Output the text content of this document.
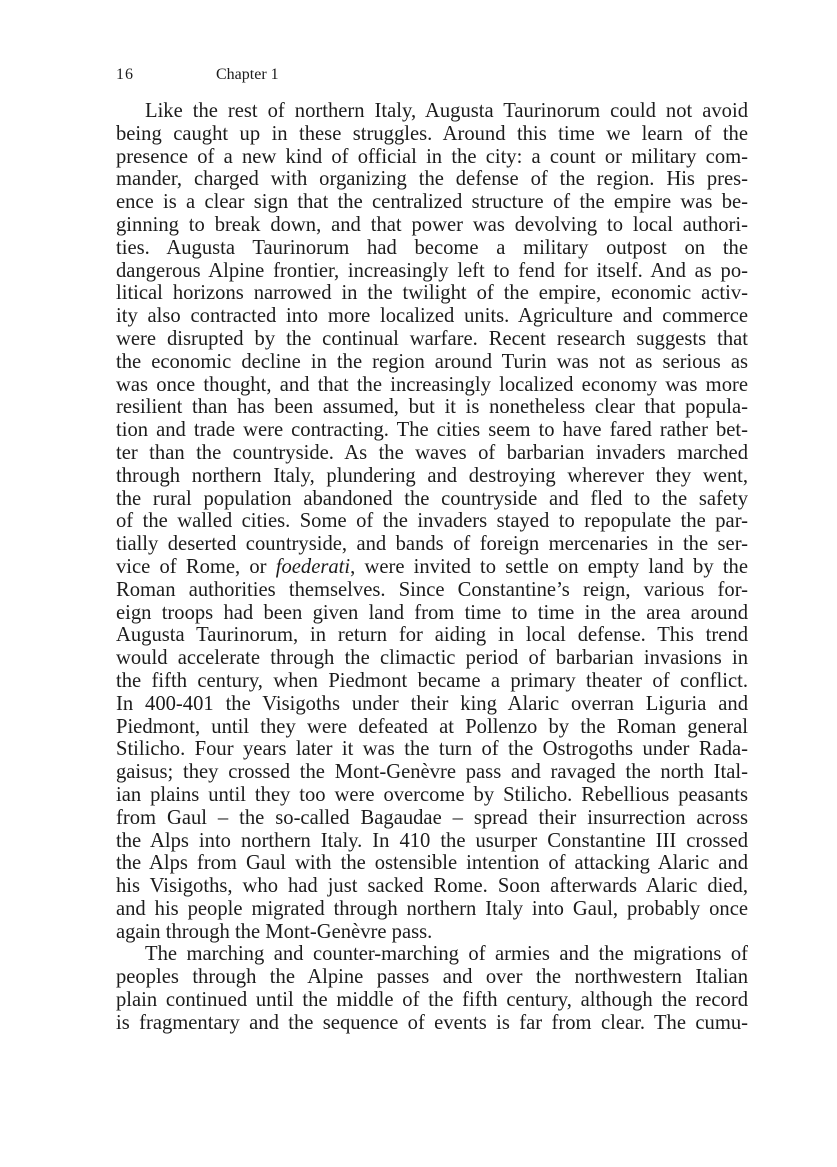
16	Chapter 1
Like the rest of northern Italy, Augusta Taurinorum could not avoid
being caught up in these struggles. Around this time we learn of the
presence of a new kind of official in the city: a count or military com-
mander, charged with organizing the defense of the region. His pres-
ence is a clear sign that the centralized structure of the empire was be-
ginning to break down, and that power was devolving to local authori-
ties. Augusta Taurinorum had become a military outpost on the
dangerous Alpine frontier, increasingly left to fend for itself. And as po-
litical horizons narrowed in the twilight of the empire, economic activ-
ity also contracted into more localized units. Agriculture and commerce
were disrupted by the continual warfare. Recent research suggests that
the economic decline in the region around Turin was not as serious as
was once thought, and that the increasingly localized economy was more
resilient than has been assumed, but it is nonetheless clear that popula-
tion and trade were contracting. The cities seem to have fared rather bet-
ter than the countryside. As the waves of barbarian invaders marched
through northern Italy, plundering and destroying wherever they went,
the rural population abandoned the countryside and fled to the safety
of the walled cities. Some of the invaders stayed to repopulate the par-
tially deserted countryside, and bands of foreign mercenaries in the ser-
vice of Rome, or foederati, were invited to settle on empty land by the
Roman authorities themselves. Since Constantine’s reign, various for-
eign troops had been given land from time to time in the area around
Augusta Taurinorum, in return for aiding in local defense. This trend
would accelerate through the climactic period of barbarian invasions in
the fifth century, when Piedmont became a primary theater of conflict.
In 400-401 the Visigoths under their king Alaric overran Liguria and
Piedmont, until they were defeated at Pollenzo by the Roman general
Stilicho. Four years later it was the turn of the Ostrogoths under Rada-
gaisus; they crossed the Mont-Genèvre pass and ravaged the north Ital-
ian plains until they too were overcome by Stilicho. Rebellious peasants
from Gaul – the so-called Bagaudae – spread their insurrection across
the Alps into northern Italy. In 410 the usurper Constantine III crossed
the Alps from Gaul with the ostensible intention of attacking Alaric and
his Visigoths, who had just sacked Rome. Soon afterwards Alaric died,
and his people migrated through northern Italy into Gaul, probably once
again through the Mont-Genèvre pass.
The marching and counter-marching of armies and the migrations of
peoples through the Alpine passes and over the northwestern Italian
plain continued until the middle of the fifth century, although the record
is fragmentary and the sequence of events is far from clear. The cumu-
